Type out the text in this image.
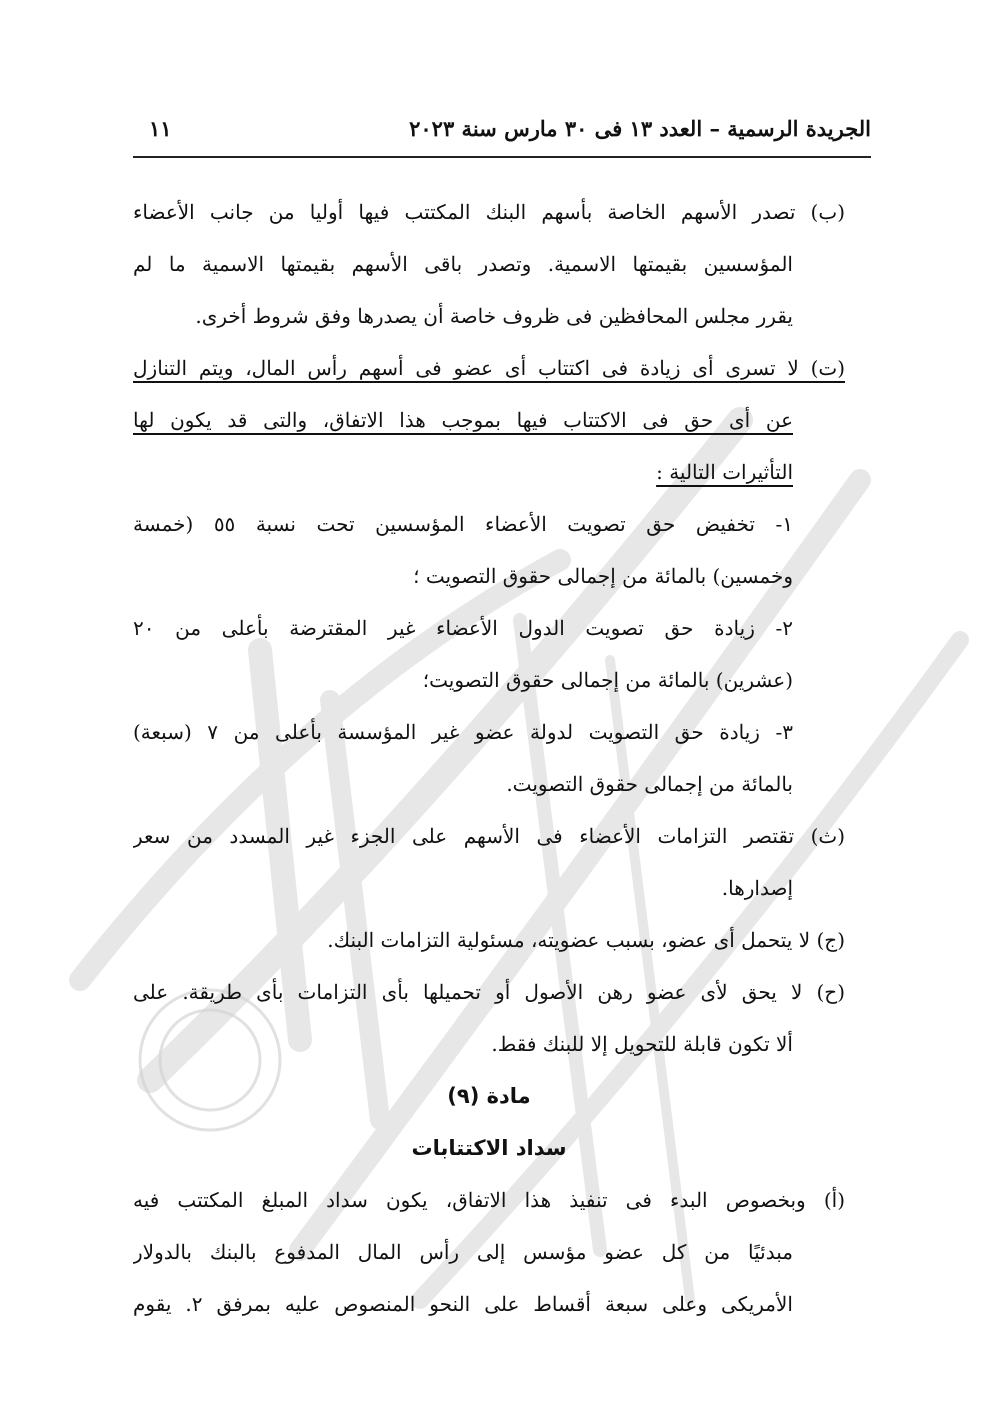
الجريدة الرسمية – العدد ١٣ فى ٣٠ مارس سنة ٢٠٢٣
١١
(ب) تصدر الأسهم الخاصة بأسهم البنك المكتتب فيها أوليا من جانب الأعضاء
المؤسسين بقيمتها الاسمية. وتصدر باقى الأسهم بقيمتها الاسمية ما لم
يقرر مجلس المحافظين فى ظروف خاصة أن يصدرها وفق شروط أخرى.
(ت) لا تسرى أى زيادة فى اكتتاب أى عضو فى أسهم رأس المال، ويتم التنازل
عن أى حق فى الاكتتاب فيها بموجب هذا الاتفاق، والتى قد يكون لها
التأثيرات التالية :
١- تخفيض حق تصويت الأعضاء المؤسسين تحت نسبة ٥٥ (خمسة
وخمسين) بالمائة من إجمالى حقوق التصويت ؛
٢- زيادة حق تصويت الدول الأعضاء غير المقترضة بأعلى من ٢٠
(عشرين) بالمائة من إجمالى حقوق التصويت؛
٣- زيادة حق التصويت لدولة عضو غير المؤسسة بأعلى من ٧ (سبعة)
بالمائة من إجمالى حقوق التصويت.
(ث) تقتصر التزامات الأعضاء فى الأسهم على الجزء غير المسدد من سعر
إصدارها.
(ج) لا يتحمل أى عضو، بسبب عضويته، مسئولية التزامات البنك.
(ح) لا يحق لأى عضو رهن الأصول أو تحميلها بأى التزامات بأى طريقة. على
ألا تكون قابلة للتحويل إلا للبنك فقط.
مادة (٩)
سداد الاكتتابات
(أ) وبخصوص البدء فى تنفيذ هذا الاتفاق، يكون سداد المبلغ المكتتب فيه
مبدئيًا من كل عضو مؤسس إلى رأس المال المدفوع بالبنك بالدولار
الأمريكى وعلى سبعة أقساط على النحو المنصوص عليه بمرفق ٢. يقوم
